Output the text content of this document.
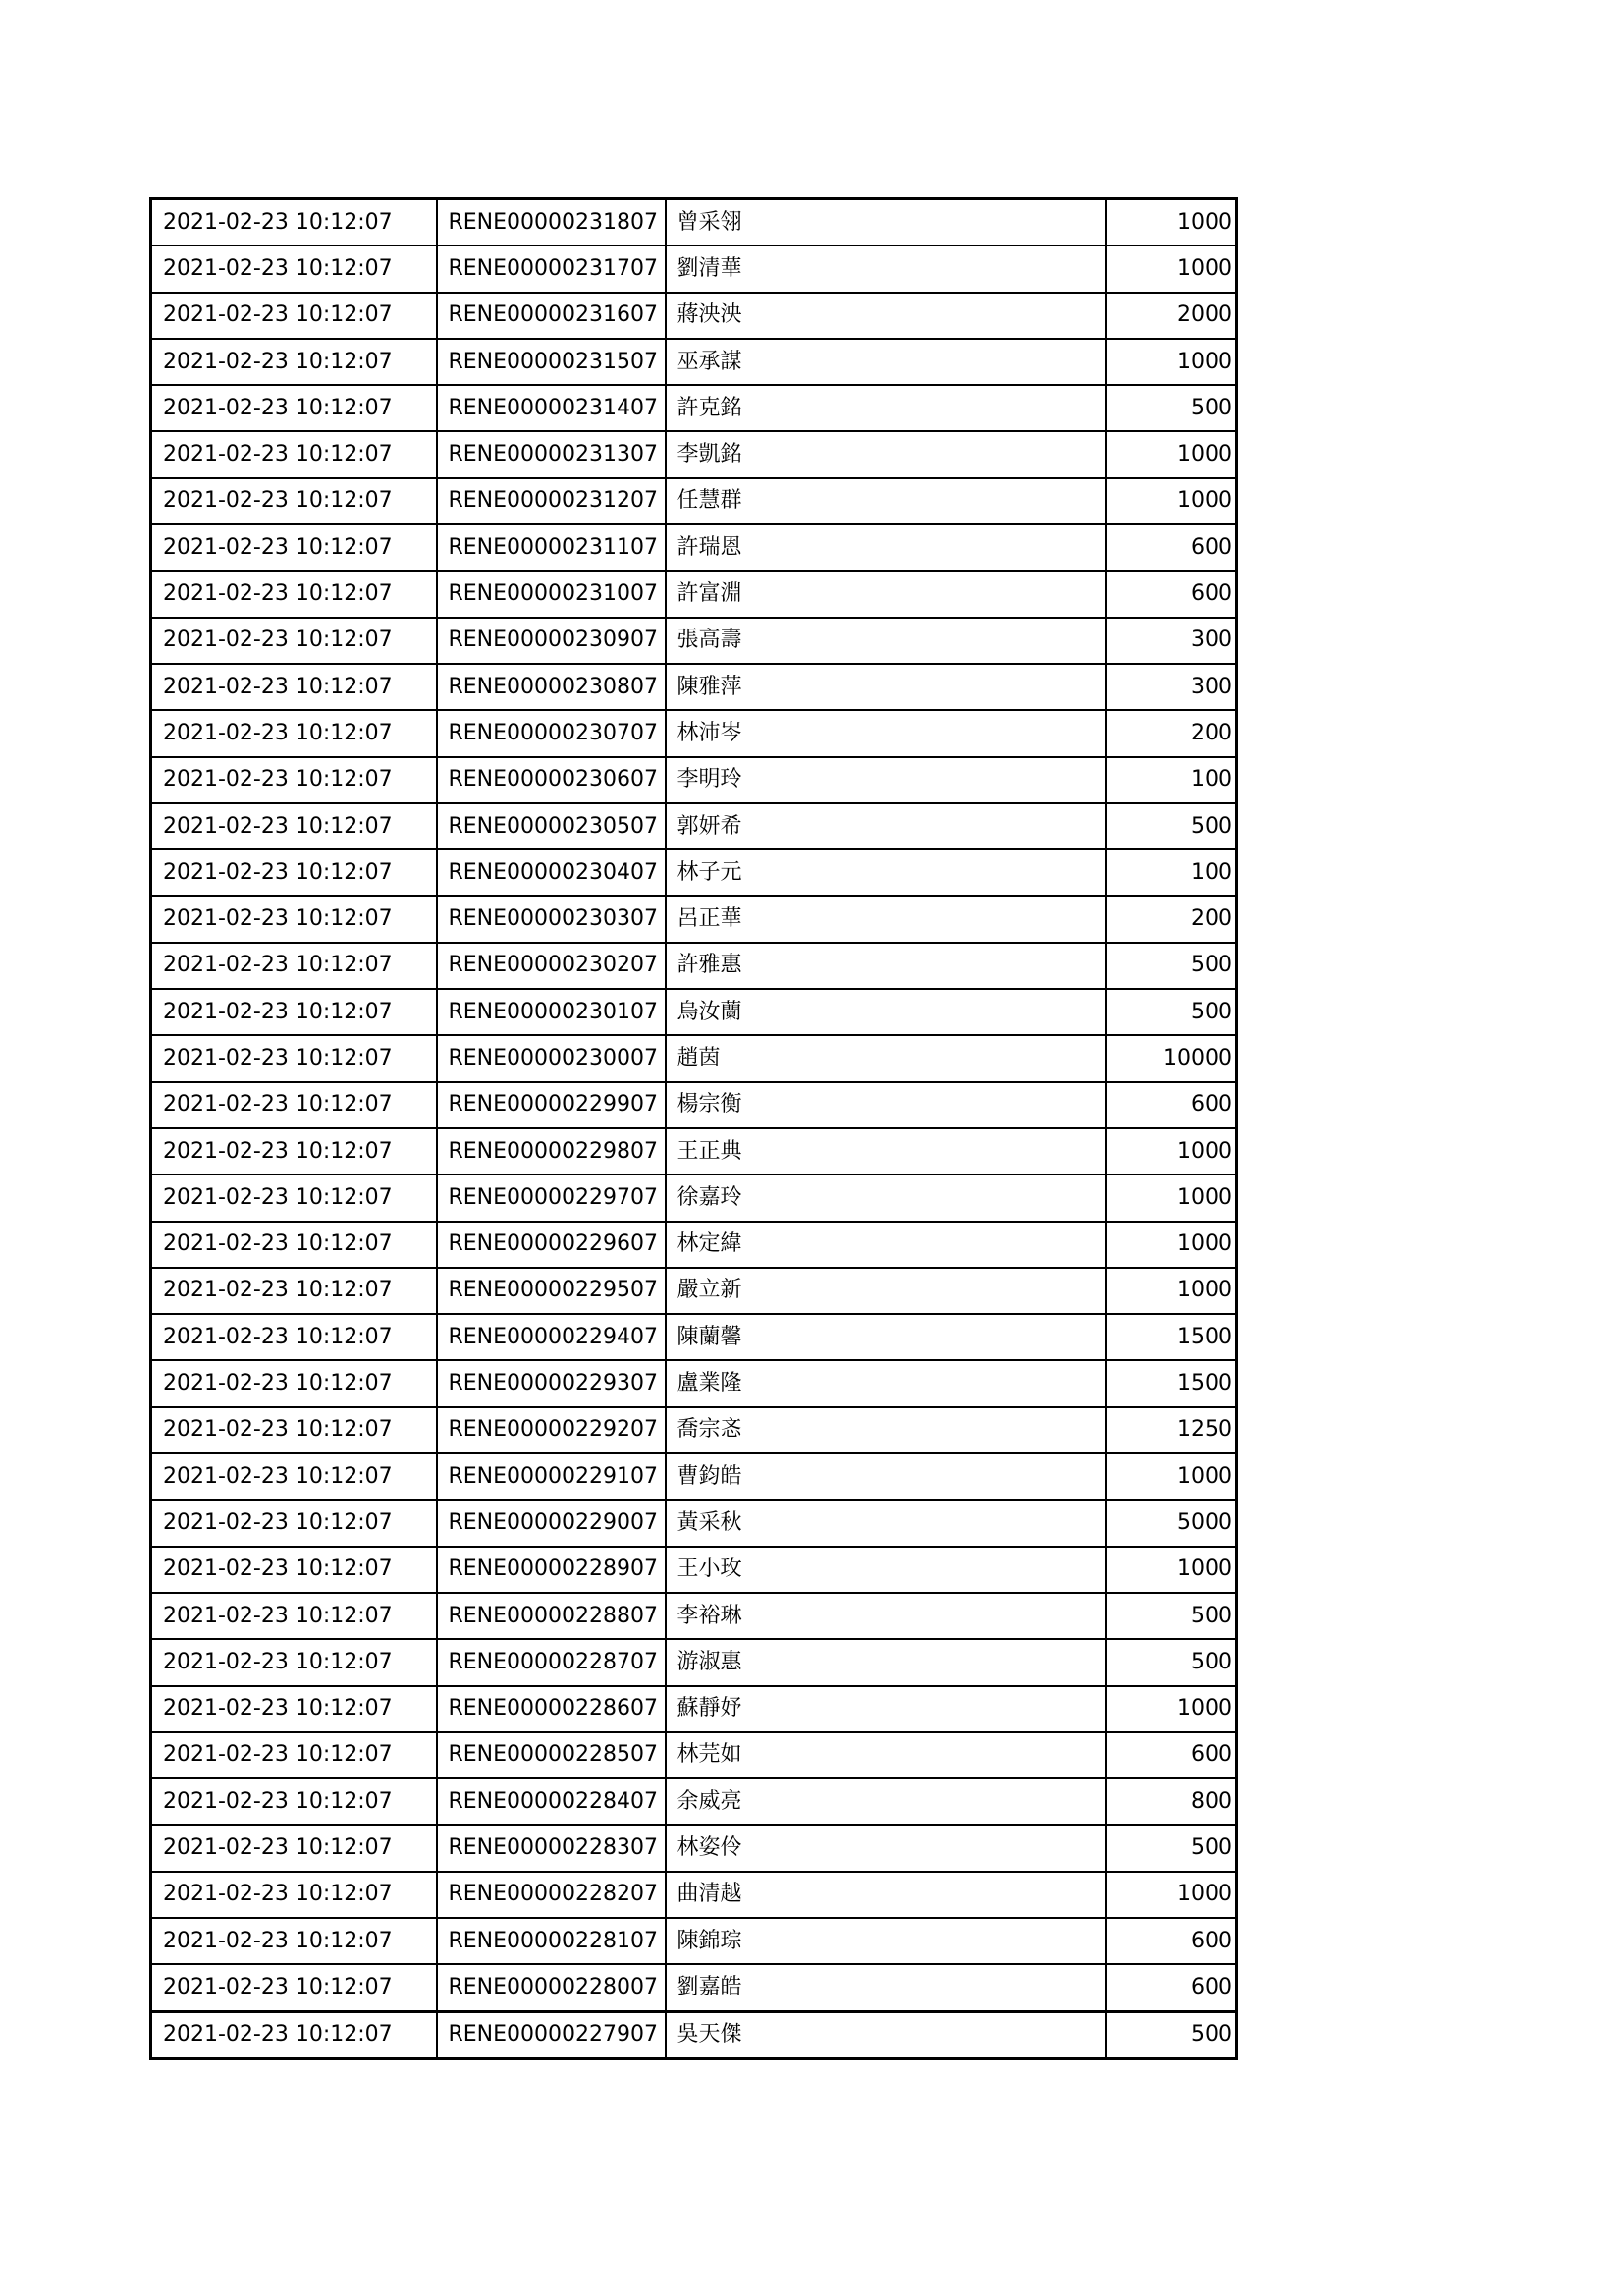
2021-02-23 10:12:07	RENE00000231807	曾采翎	1000
2021-02-23 10:12:07	RENE00000231707	劉清華	1000
2021-02-23 10:12:07	RENE00000231607	蔣泱泱	2000
2021-02-23 10:12:07	RENE00000231507	巫承謀	1000
2021-02-23 10:12:07	RENE00000231407	許克銘	500
2021-02-23 10:12:07	RENE00000231307	李凱銘	1000
2021-02-23 10:12:07	RENE00000231207	任慧群	1000
2021-02-23 10:12:07	RENE00000231107	許瑞恩	600
2021-02-23 10:12:07	RENE00000231007	許富淵	600
2021-02-23 10:12:07	RENE00000230907	張高壽	300
2021-02-23 10:12:07	RENE00000230807	陳雅萍	300
2021-02-23 10:12:07	RENE00000230707	林沛岑	200
2021-02-23 10:12:07	RENE00000230607	李明玲	100
2021-02-23 10:12:07	RENE00000230507	郭妍希	500
2021-02-23 10:12:07	RENE00000230407	林子元	100
2021-02-23 10:12:07	RENE00000230307	呂正華	200
2021-02-23 10:12:07	RENE00000230207	許雅惠	500
2021-02-23 10:12:07	RENE00000230107	烏汝蘭	500
2021-02-23 10:12:07	RENE00000230007	趙茵	10000
2021-02-23 10:12:07	RENE00000229907	楊宗衡	600
2021-02-23 10:12:07	RENE00000229807	王正典	1000
2021-02-23 10:12:07	RENE00000229707	徐嘉玲	1000
2021-02-23 10:12:07	RENE00000229607	林定緯	1000
2021-02-23 10:12:07	RENE00000229507	嚴立新	1000
2021-02-23 10:12:07	RENE00000229407	陳蘭馨	1500
2021-02-23 10:12:07	RENE00000229307	盧業隆	1500
2021-02-23 10:12:07	RENE00000229207	喬宗忞	1250
2021-02-23 10:12:07	RENE00000229107	曹鈞皓	1000
2021-02-23 10:12:07	RENE00000229007	黃采秋	5000
2021-02-23 10:12:07	RENE00000228907	王小玫	1000
2021-02-23 10:12:07	RENE00000228807	李裕琳	500
2021-02-23 10:12:07	RENE00000228707	游淑惠	500
2021-02-23 10:12:07	RENE00000228607	蘇靜妤	1000
2021-02-23 10:12:07	RENE00000228507	林芫如	600
2021-02-23 10:12:07	RENE00000228407	余威亮	800
2021-02-23 10:12:07	RENE00000228307	林姿伶	500
2021-02-23 10:12:07	RENE00000228207	曲清越	1000
2021-02-23 10:12:07	RENE00000228107	陳錦琮	600
2021-02-23 10:12:07	RENE00000228007	劉嘉皓	600
2021-02-23 10:12:07	RENE00000227907	吳天傑	500
